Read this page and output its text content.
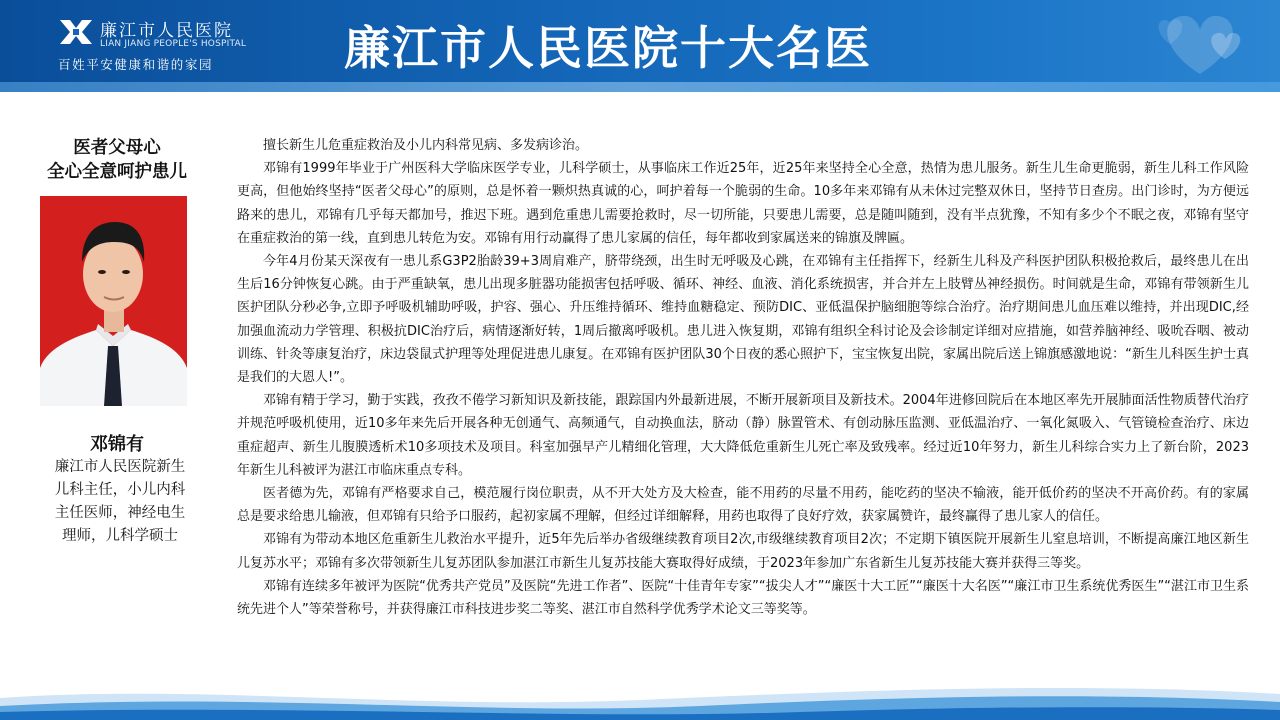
廉江市人民医院
LIAN JIANG PEOPLE'S HOSPITAL
百姓平安健康和谐的家园	廉江市人民医院十大名医
医者父母心
全心全意呵护患儿
邓锦有
廉江市人民医院新生儿科主任，小儿内科主任医师，神经电生理师，儿科学硕士

擅长新生儿危重症救治及小儿内科常见病、多发病诊治。

邓锦有1999年毕业于广州医科大学临床医学专业，儿科学硕士，从事临床工作近25年，近25年来坚持全心全意，热情为患儿服务。新生儿生命更脆弱，新生儿科工作风险更高，但他始终坚持“医者父母心”的原则，总是怀着一颗炽热真诚的心，呵护着每一个脆弱的生命。10多年来邓锦有从未休过完整双休日，坚持节日查房。出门诊时，为方便远路来的患儿，邓锦有几乎每天都加号，推迟下班。遇到危重患儿需要抢救时，尽一切所能，只要患儿需要，总是随叫随到，没有半点犹豫，不知有多少个不眠之夜，邓锦有坚守在重症救治的第一线，直到患儿转危为安。邓锦有用行动赢得了患儿家属的信任，每年都收到家属送来的锦旗及牌匾。

今年4月份某天深夜有一患儿系G3P2胎龄39+3周肩难产，脐带绕颈，出生时无呼吸及心跳，在邓锦有主任指挥下，经新生儿科及产科医护团队积极抢救后，最终患儿在出生后16分钟恢复心跳。由于严重缺氧，患儿出现多脏器功能损害包括呼吸、循环、神经、血液、消化系统损害，并合并左上肢臂丛神经损伤。时间就是生命，邓锦有带领新生儿医护团队分秒必争,立即予呼吸机辅助呼吸，护容、强心、升压维持循环、维持血糖稳定、预防DIC、亚低温保护脑细胞等综合治疗。治疗期间患儿血压难以维持，并出现DIC,经加强血流动力学管理、积极抗DIC治疗后，病情逐渐好转，1周后撤离呼吸机。患儿进入恢复期，邓锦有组织全科讨论及会诊制定详细对应措施，如营养脑神经、吸吮吞咽、被动训练、针灸等康复治疗，床边袋鼠式护理等处理促进患儿康复。在邓锦有医护团队30个日夜的悉心照护下，宝宝恢复出院，家属出院后送上锦旗感激地说：“新生儿科医生护士真是我们的大恩人!”。

邓锦有精于学习，勤于实践，孜孜不倦学习新知识及新技能，跟踪国内外最新进展，不断开展新项目及新技术。2004年进修回院后在本地区率先开展肺面活性物质替代治疗并规范呼吸机使用，近10多年来先后开展各种无创通气、高频通气，自动换血法，脐动（静）脉置管术、有创动脉压监测、亚低温治疗、一氧化氮吸入、气管镜检查治疗、床边重症超声、新生儿腹膜透析术10多项技术及项目。科室加强早产儿精细化管理，大大降低危重新生儿死亡率及致残率。经过近10年努力，新生儿科综合实力上了新台阶，2023年新生儿科被评为湛江市临床重点专科。

医者德为先，邓锦有严格要求自己，模范履行岗位职责，从不开大处方及大检查，能不用药的尽量不用药，能吃药的坚决不输液，能开低价药的坚决不开高价药。有的家属总是要求给患儿输液，但邓锦有只给予口服药，起初家属不理解，但经过详细解释，用药也取得了良好疗效，获家属赞许，最终赢得了患儿家人的信任。

邓锦有为带动本地区危重新生儿救治水平提升，近5年先后举办省级继续教育项目2次,市级继续教育项目2次；不定期下镇医院开展新生儿窒息培训，不断提高廉江地区新生儿复苏水平；邓锦有多次带领新生儿复苏团队参加湛江市新生儿复苏技能大赛取得好成绩，于2023年参加广东省新生儿复苏技能大赛并获得三等奖。

邓锦有连续多年被评为医院“优秀共产党员”及医院“先进工作者”、医院“十佳青年专家”“拔尖人才”“廉医十大工匠”“廉医十大名医”“廉江市卫生系统优秀医生”“湛江市卫生系统先进个人”等荣誉称号，并获得廉江市科技进步奖二等奖、湛江市自然科学优秀学术论文三等奖等。
